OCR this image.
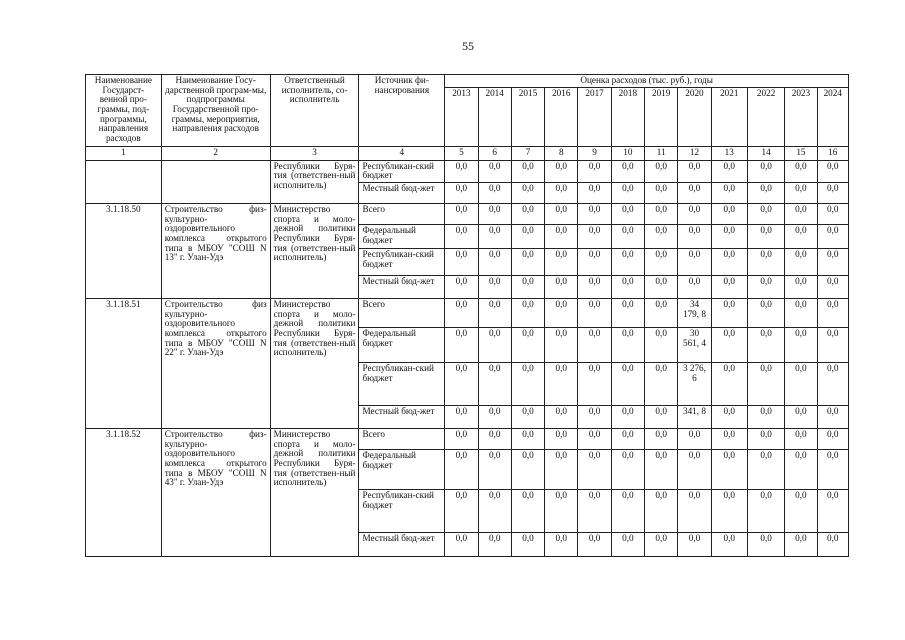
55
Наименование Государст-венной про-граммы, под-программы, направления расходов	Наименование Госу-дарственной програм-мы, подпрограммы Государственной про-граммы, мероприятия, направления расходов	Ответственный исполнитель, со-исполнитель	Источник фи-нансирования	Оценка расходов (тыс. руб.), годы											
				2013	2014	2015	2016	2017	2018	2019	2020	2021	2022	2023	2024
1	2	3	4	5	6	7	8	9	10	11	12	13	14	15	16
		Республики Буря-тия (ответствен-ный исполнитель)	Республикан-ский бюджет	0,0	0,0	0,0	0,0	0,0	0,0	0,0	0,0	0,0	0,0	0,0	0,0
			Местный бюд-жет	0,0	0,0	0,0	0,0	0,0	0,0	0,0	0,0	0,0	0,0	0,0	0,0
3.1.18.50	Строительство физ-культурно-оздоровительного комплекса открытого типа в МБОУ "СОШ N 13" г. Улан-Удэ	Министерство спорта и моло-дежной политики Республики Буря-тия (ответствен-ный исполнитель)	Всего	0,0	0,0	0,0	0,0	0,0	0,0	0,0	0,0	0,0	0,0	0,0	0,0
			Федеральный бюджет	0,0	0,0	0,0	0,0	0,0	0,0	0,0	0,0	0,0	0,0	0,0	0,0
			Республикан-ский бюджет	0,0	0,0	0,0	0,0	0,0	0,0	0,0	0,0	0,0	0,0	0,0	0,0
			Местный бюд-жет	0,0	0,0	0,0	0,0	0,0	0,0	0,0	0,0	0,0	0,0	0,0	0,0
3.1.18.51	Строительство физ культурно-оздоровительного комплекса открытого типа в МБОУ "СОШ N 22" г. Улан-Удэ	Министерство спорта и моло-дежной политики Республики Буря-тия (ответствен-ный исполнитель)	Всего	0,0	0,0	0,0	0,0	0,0	0,0	0,0	34 179, 8	0,0	0,0	0,0	0,0
			Федеральный бюджет	0,0	0,0	0,0	0,0	0,0	0,0	0,0	30 561, 4	0,0	0,0	0,0	0,0
			Республикан-ский бюджет	0,0	0,0	0,0	0,0	0,0	0,0	0,0	3 276, 6	0,0	0,0	0,0	0,0
			Местный бюд-жет	0,0	0,0	0,0	0,0	0,0	0,0	0,0	341, 8	0,0	0,0	0,0	0,0
3.1.18.52	Строительство физ-культурно-оздоровительного комплекса открытого типа в МБОУ "СОШ N 43" г. Улан-Удэ	Министерство спорта и моло-дежной политики Республики Буря-тия (ответствен-ный исполнитель)	Всего	0,0	0,0	0,0	0,0	0,0	0,0	0,0	0,0	0,0	0,0	0,0	0,0
			Федеральный бюджет	0,0	0,0	0,0	0,0	0,0	0,0	0,0	0,0	0,0	0,0	0,0	0,0
			Республикан-ский бюджет	0,0	0,0	0,0	0,0	0,0	0,0	0,0	0,0	0,0	0,0	0,0	0,0
			Местный бюд-жет	0,0	0,0	0,0	0,0	0,0	0,0	0,0	0,0	0,0	0,0	0,0	0,0
